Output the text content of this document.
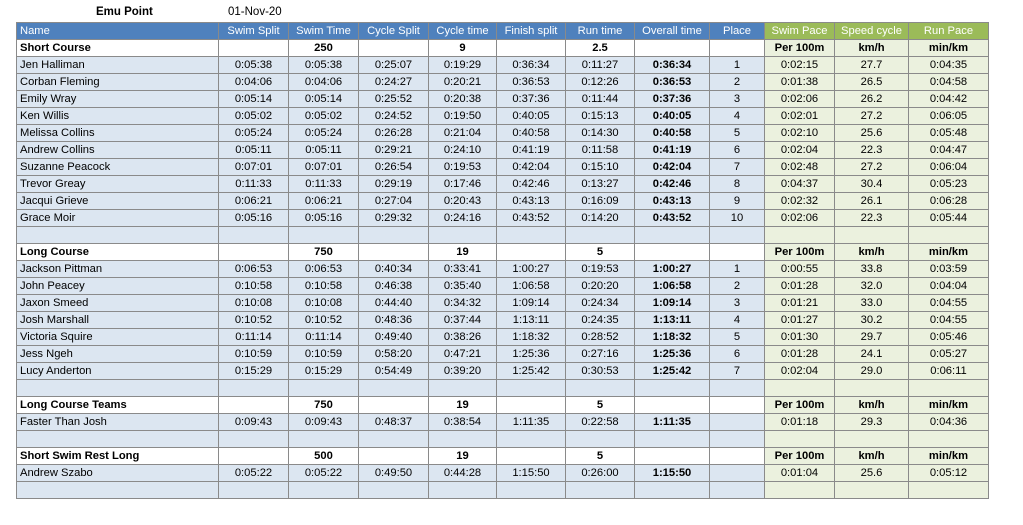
Emu Point	01-Nov-20
Name	Swim Split	Swim Time	Cycle Split	Cycle time	Finish split	Run time	Overall time	Place	Swim Pace	Speed cycle	Run Pace
Short Course		250		9		2.5			Per 100m	km/h	min/km
Jen Halliman	0:05:38	0:05:38	0:25:07	0:19:29	0:36:34	0:11:27	0:36:34	1	0:02:15	27.7	0:04:35
Corban Fleming	0:04:06	0:04:06	0:24:27	0:20:21	0:36:53	0:12:26	0:36:53	2	0:01:38	26.5	0:04:58
Emily Wray	0:05:14	0:05:14	0:25:52	0:20:38	0:37:36	0:11:44	0:37:36	3	0:02:06	26.2	0:04:42
Ken Willis	0:05:02	0:05:02	0:24:52	0:19:50	0:40:05	0:15:13	0:40:05	4	0:02:01	27.2	0:06:05
Melissa Collins	0:05:24	0:05:24	0:26:28	0:21:04	0:40:58	0:14:30	0:40:58	5	0:02:10	25.6	0:05:48
Andrew Collins	0:05:11	0:05:11	0:29:21	0:24:10	0:41:19	0:11:58	0:41:19	6	0:02:04	22.3	0:04:47
Suzanne Peacock	0:07:01	0:07:01	0:26:54	0:19:53	0:42:04	0:15:10	0:42:04	7	0:02:48	27.2	0:06:04
Trevor Greay	0:11:33	0:11:33	0:29:19	0:17:46	0:42:46	0:13:27	0:42:46	8	0:04:37	30.4	0:05:23
Jacqui Grieve	0:06:21	0:06:21	0:27:04	0:20:43	0:43:13	0:16:09	0:43:13	9	0:02:32	26.1	0:06:28
Grace Moir	0:05:16	0:05:16	0:29:32	0:24:16	0:43:52	0:14:20	0:43:52	10	0:02:06	22.3	0:05:44

Long Course		750		19		5			Per 100m	km/h	min/km
Jackson Pittman	0:06:53	0:06:53	0:40:34	0:33:41	1:00:27	0:19:53	1:00:27	1	0:00:55	33.8	0:03:59
John Peacey	0:10:58	0:10:58	0:46:38	0:35:40	1:06:58	0:20:20	1:06:58	2	0:01:28	32.0	0:04:04
Jaxon Smeed	0:10:08	0:10:08	0:44:40	0:34:32	1:09:14	0:24:34	1:09:14	3	0:01:21	33.0	0:04:55
Josh Marshall	0:10:52	0:10:52	0:48:36	0:37:44	1:13:11	0:24:35	1:13:11	4	0:01:27	30.2	0:04:55
Victoria Squire	0:11:14	0:11:14	0:49:40	0:38:26	1:18:32	0:28:52	1:18:32	5	0:01:30	29.7	0:05:46
Jess Ngeh	0:10:59	0:10:59	0:58:20	0:47:21	1:25:36	0:27:16	1:25:36	6	0:01:28	24.1	0:05:27
Lucy Anderton	0:15:29	0:15:29	0:54:49	0:39:20	1:25:42	0:30:53	1:25:42	7	0:02:04	29.0	0:06:11

Long Course Teams		750		19		5			Per 100m	km/h	min/km
Faster Than Josh	0:09:43	0:09:43	0:48:37	0:38:54	1:11:35	0:22:58	1:11:35		0:01:18	29.3	0:04:36

Short Swim Rest Long		500		19		5			Per 100m	km/h	min/km
Andrew Szabo	0:05:22	0:05:22	0:49:50	0:44:28	1:15:50	0:26:00	1:15:50		0:01:04	25.6	0:05:12
